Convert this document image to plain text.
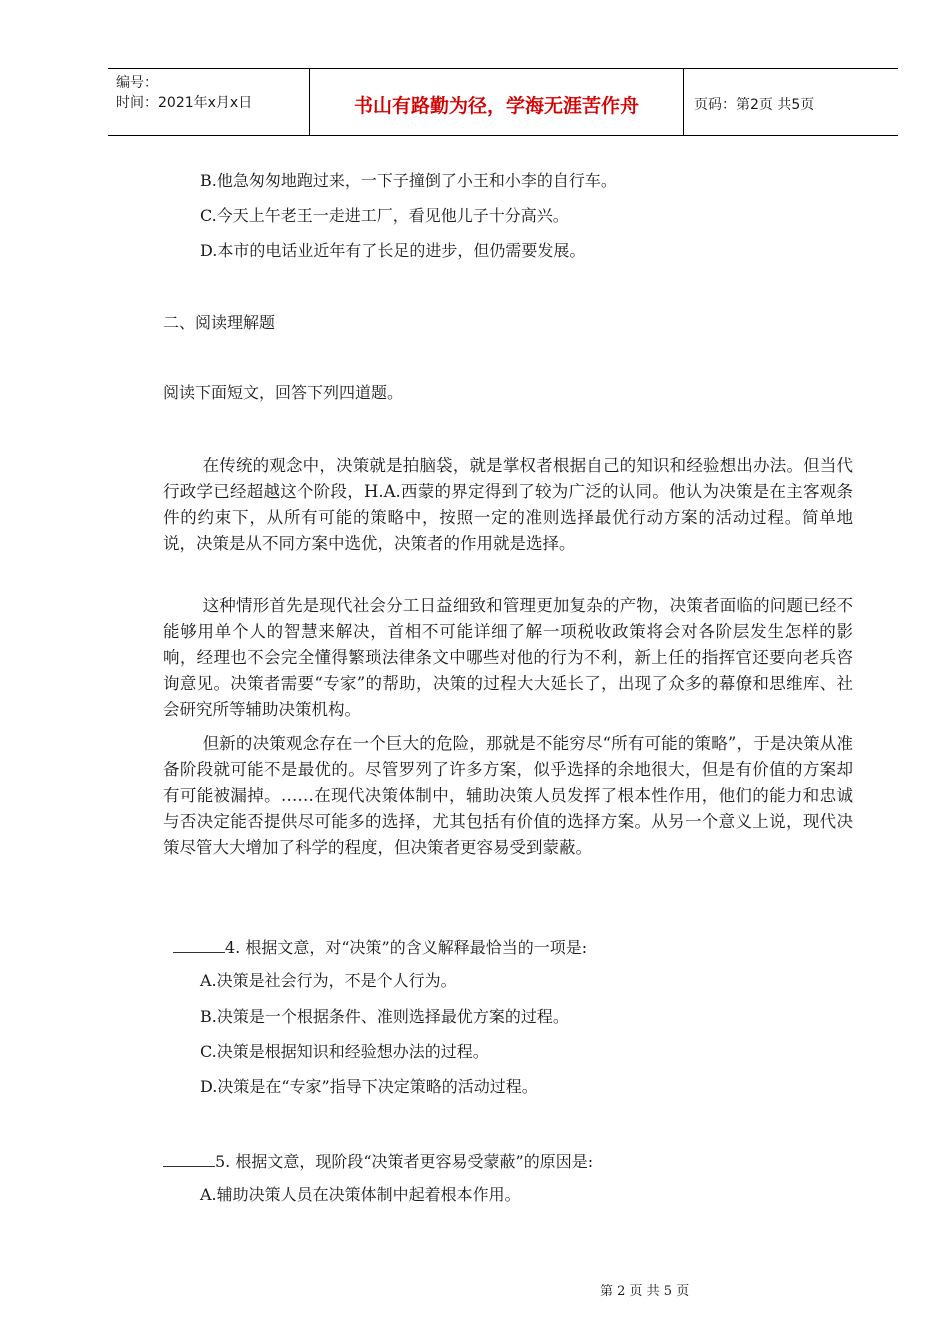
编号：
时间：2021年x月x日	书山有路勤为径，学海无涯苦作舟	页码：第2页 共5页
B.他急匆匆地跑过来，一下子撞倒了小王和小李的自行车。
C.今天上午老王一走进工厂，看见他儿子十分高兴。
D.本市的电话业近年有了长足的进步，但仍需要发展。
二、阅读理解题
阅读下面短文，回答下列四道题。
在传统的观念中，决策就是拍脑袋，就是掌权者根据自己的知识和经验想出办法。但当代行政学已经超越这个阶段，H.A.西蒙的界定得到了较为广泛的认同。他认为决策是在主客观条件的约束下，从所有可能的策略中，按照一定的准则选择最优行动方案的活动过程。简单地说，决策是从不同方案中选优，决策者的作用就是选择。
这种情形首先是现代社会分工日益细致和管理更加复杂的产物，决策者面临的问题已经不能够用单个人的智慧来解决，首相不可能详细了解一项税收政策将会对各阶层发生怎样的影响，经理也不会完全懂得繁琐法律条文中哪些对他的行为不利，新上任的指挥官还要向老兵咨询意见。决策者需要“专家”的帮助，决策的过程大大延长了，出现了众多的幕僚和思维库、社会研究所等辅助决策机构。
但新的决策观念存在一个巨大的危险，那就是不能穷尽“所有可能的策略”，于是决策从准备阶段就可能不是最优的。尽管罗列了许多方案，似乎选择的余地很大，但是有价值的方案却有可能被漏掉。……在现代决策体制中，辅助决策人员发挥了根本性作用，他们的能力和忠诚与否决定能否提供尽可能多的选择，尤其包括有价值的选择方案。从另一个意义上说，现代决策尽管大大增加了科学的程度，但决策者更容易受到蒙蔽。
4. 根据文意，对“决策”的含义解释最恰当的一项是:
A.决策是社会行为，不是个人行为。
B.决策是一个根据条件、准则选择最优方案的过程。
C.决策是根据知识和经验想办法的过程。
D.决策是在“专家”指导下决定策略的活动过程。
5. 根据文意，现阶段“决策者更容易受蒙蔽”的原因是:
A.辅助决策人员在决策体制中起着根本作用。
第 2 页 共 5 页
